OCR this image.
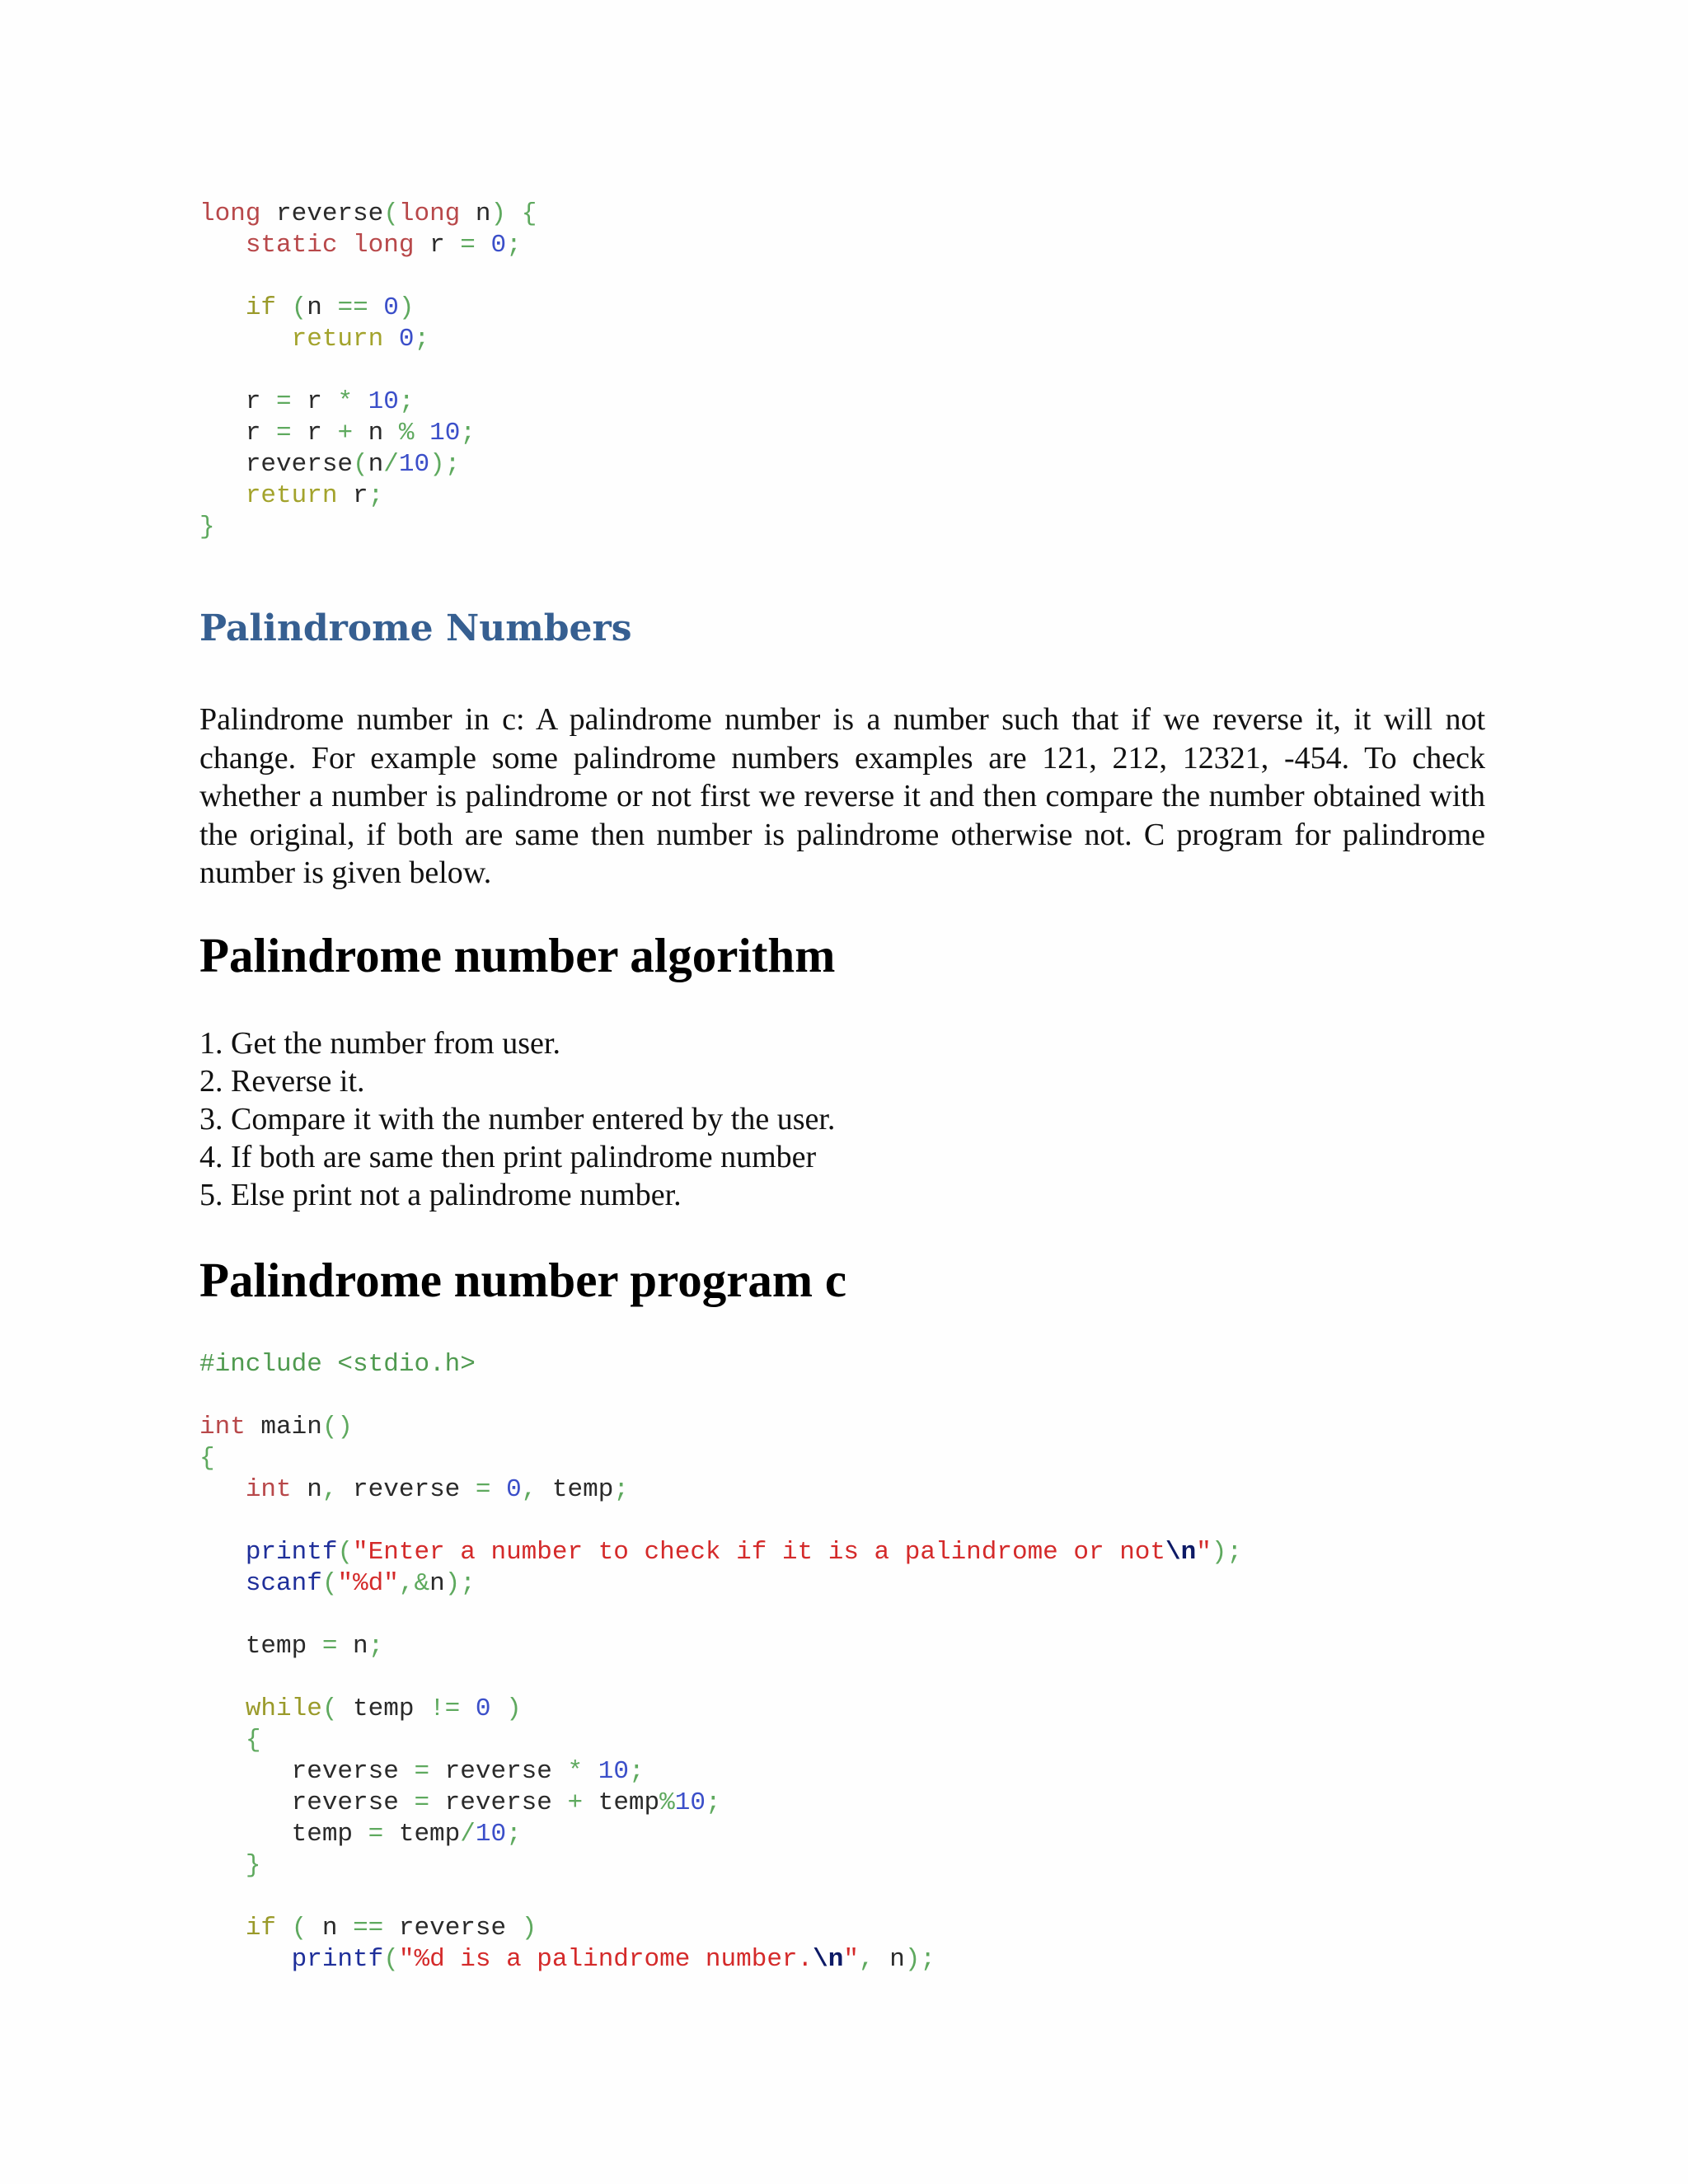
long reverse(long n) {
static long r = 0;

if (n == 0)
return 0;

r = r * 10;
r = r + n % 10;
reverse(n/10);
return r;
}
Palindrome Numbers

Palindrome number in c: A palindrome number is a number such that if we reverse it, it will not change. For example some palindrome numbers examples are 121, 212, 12321, -454. To check whether a number is palindrome or not first we reverse it and then compare the number obtained with the original, if both are same then number is palindrome otherwise not. C program for palindrome number is given below.

Palindrome number algorithm
1. Get the number from user.
2. Reverse it.
3. Compare it with the number entered by the user.
4. If both are same then print palindrome number
5. Else print not a palindrome number.
Palindrome number program c
#include <stdio.h>

int main()
{
int n, reverse = 0, temp;

printf("Enter a number to check if it is a palindrome or not\n");
scanf("%d",&n);

temp = n;

while( temp != 0 )
{
reverse = reverse * 10;
reverse = reverse + temp%10;
temp = temp/10;
}

if ( n == reverse )
printf("%d is a palindrome number.\n", n);
